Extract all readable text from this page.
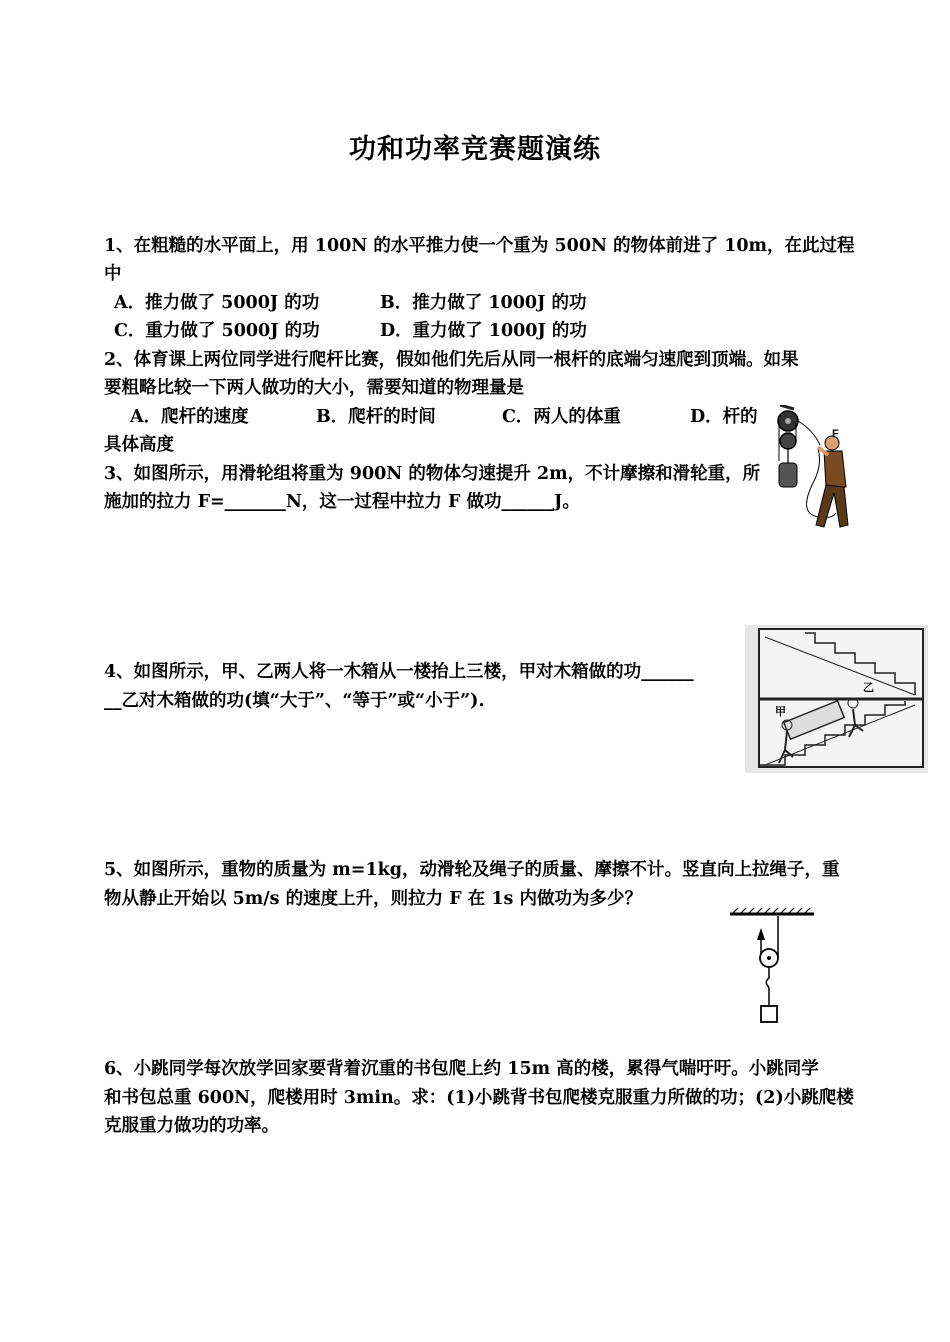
功和功率竞赛题演练
1、在粗糙的水平面上，用 100N 的水平推力使一个重为 500N 的物体前进了 10m，在此过程
中
A．推力做了 5000J 的功	B．推力做了 1000J 的功
C．重力做了 5000J 的功	D．重力做了 1000J 的功
2、体育课上两位同学进行爬杆比赛，假如他们先后从同一根杆的底端匀速爬到顶端。如果
要粗略比较一下两人做功的大小，需要知道的物理量是
A．爬杆的速度	B．爬杆的时间	C．两人的体重	D．杆的
具体高度
3、如图所示，用滑轮组将重为 900N 的物体匀速提升 2m，不计摩擦和滑轮重，所
施加的拉力 F=_______N，这一过程中拉力 F 做功______J。
F
4、如图所示，甲、乙两人将一木箱从一楼抬上三楼，甲对木箱做的功______
__乙对木箱做的功(填“大于”、“等于”或“小于”).
甲
乙
5、如图所示，重物的质量为 m=1kg，动滑轮及绳子的质量、摩擦不计。竖直向上拉绳子，重
物从静止开始以 5m/s 的速度上升，则拉力 F 在 1s 内做功为多少？
6、小跳同学每次放学回家要背着沉重的书包爬上约 15m 高的楼，累得气喘吁吁。小跳同学
和书包总重 600N，爬楼用时 3min。求：(1)小跳背书包爬楼克服重力所做的功；(2)小跳爬楼
克服重力做功的功率。
